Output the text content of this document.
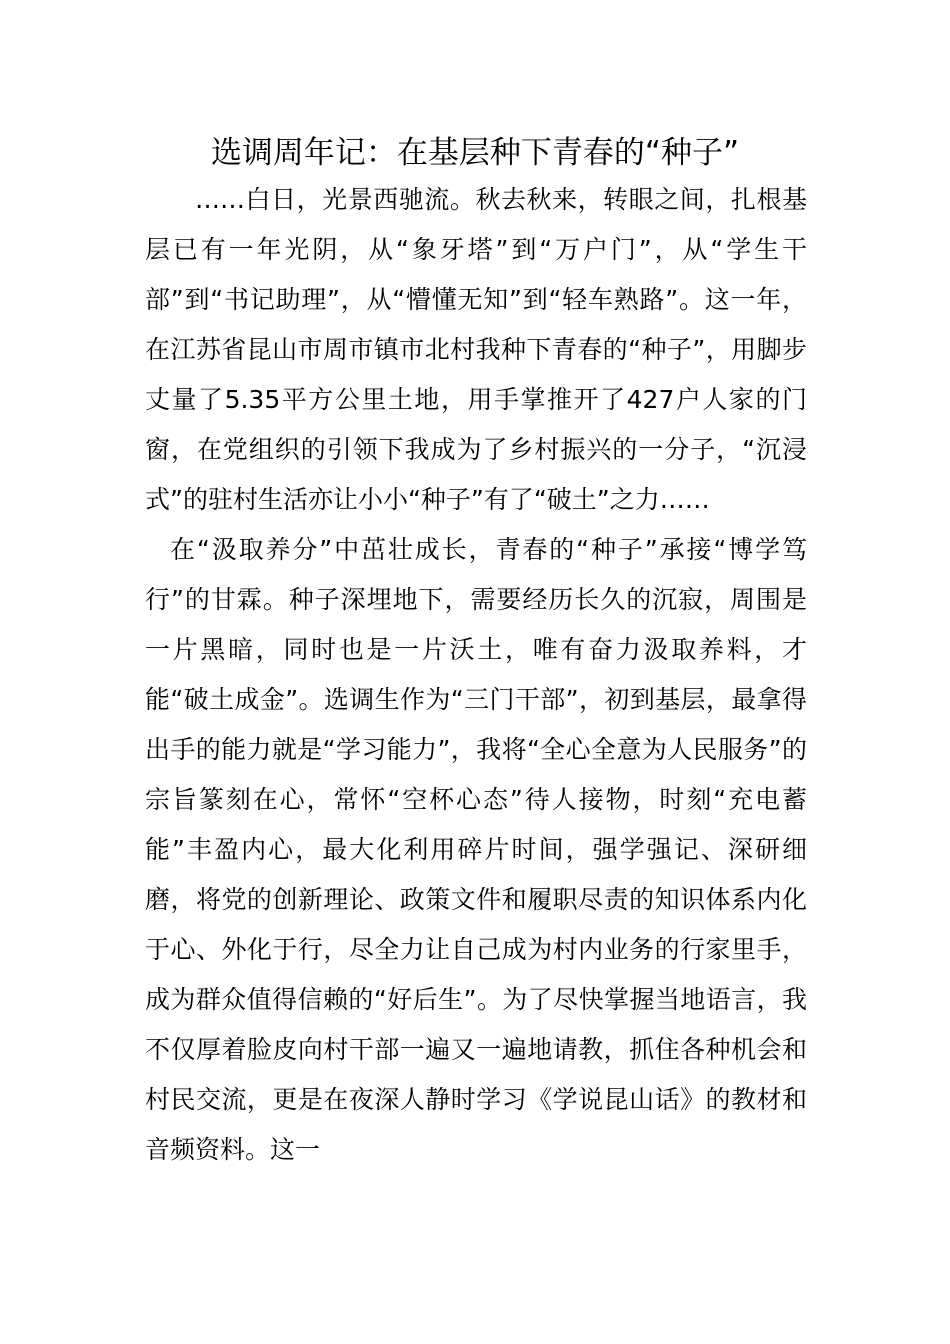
选调周年记：在基层种下青春的“种子”

……白日，光景西驰流。秋去秋来，转眼之间，扎根基层已有一年光阴，从“象牙塔”到“万户门”，从“学生干部”到“书记助理”，从“懵懂无知”到“轻车熟路”。这一年，在江苏省昆山市周市镇市北村我种下青春的“种子”，用脚步丈量了5.35平方公里土地，用手掌推开了427户人家的门窗，在党组织的引领下我成为了乡村振兴的一分子，“沉浸式”的驻村生活亦让小小“种子”有了“破土”之力……

在“汲取养分”中茁壮成长，青春的“种子”承接“博学笃行”的甘霖。种子深埋地下，需要经历长久的沉寂，周围是一片黑暗，同时也是一片沃土，唯有奋力汲取养料，才能“破土成金”。选调生作为“三门干部”，初到基层，最拿得出手的能力就是“学习能力”，我将“全心全意为人民服务”的宗旨篆刻在心，常怀“空杯心态”待人接物，时刻“充电蓄能”丰盈内心，最大化利用碎片时间，强学强记、深研细磨，将党的创新理论、政策文件和履职尽责的知识体系内化于心、外化于行，尽全力让自己成为村内业务的行家里手，成为群众值得信赖的“好后生”。为了尽快掌握当地语言，我不仅厚着脸皮向村干部一遍又一遍地请教，抓住各种机会和村民交流，更是在夜深人静时学习《学说昆山话》的教材和音频资料。这一
